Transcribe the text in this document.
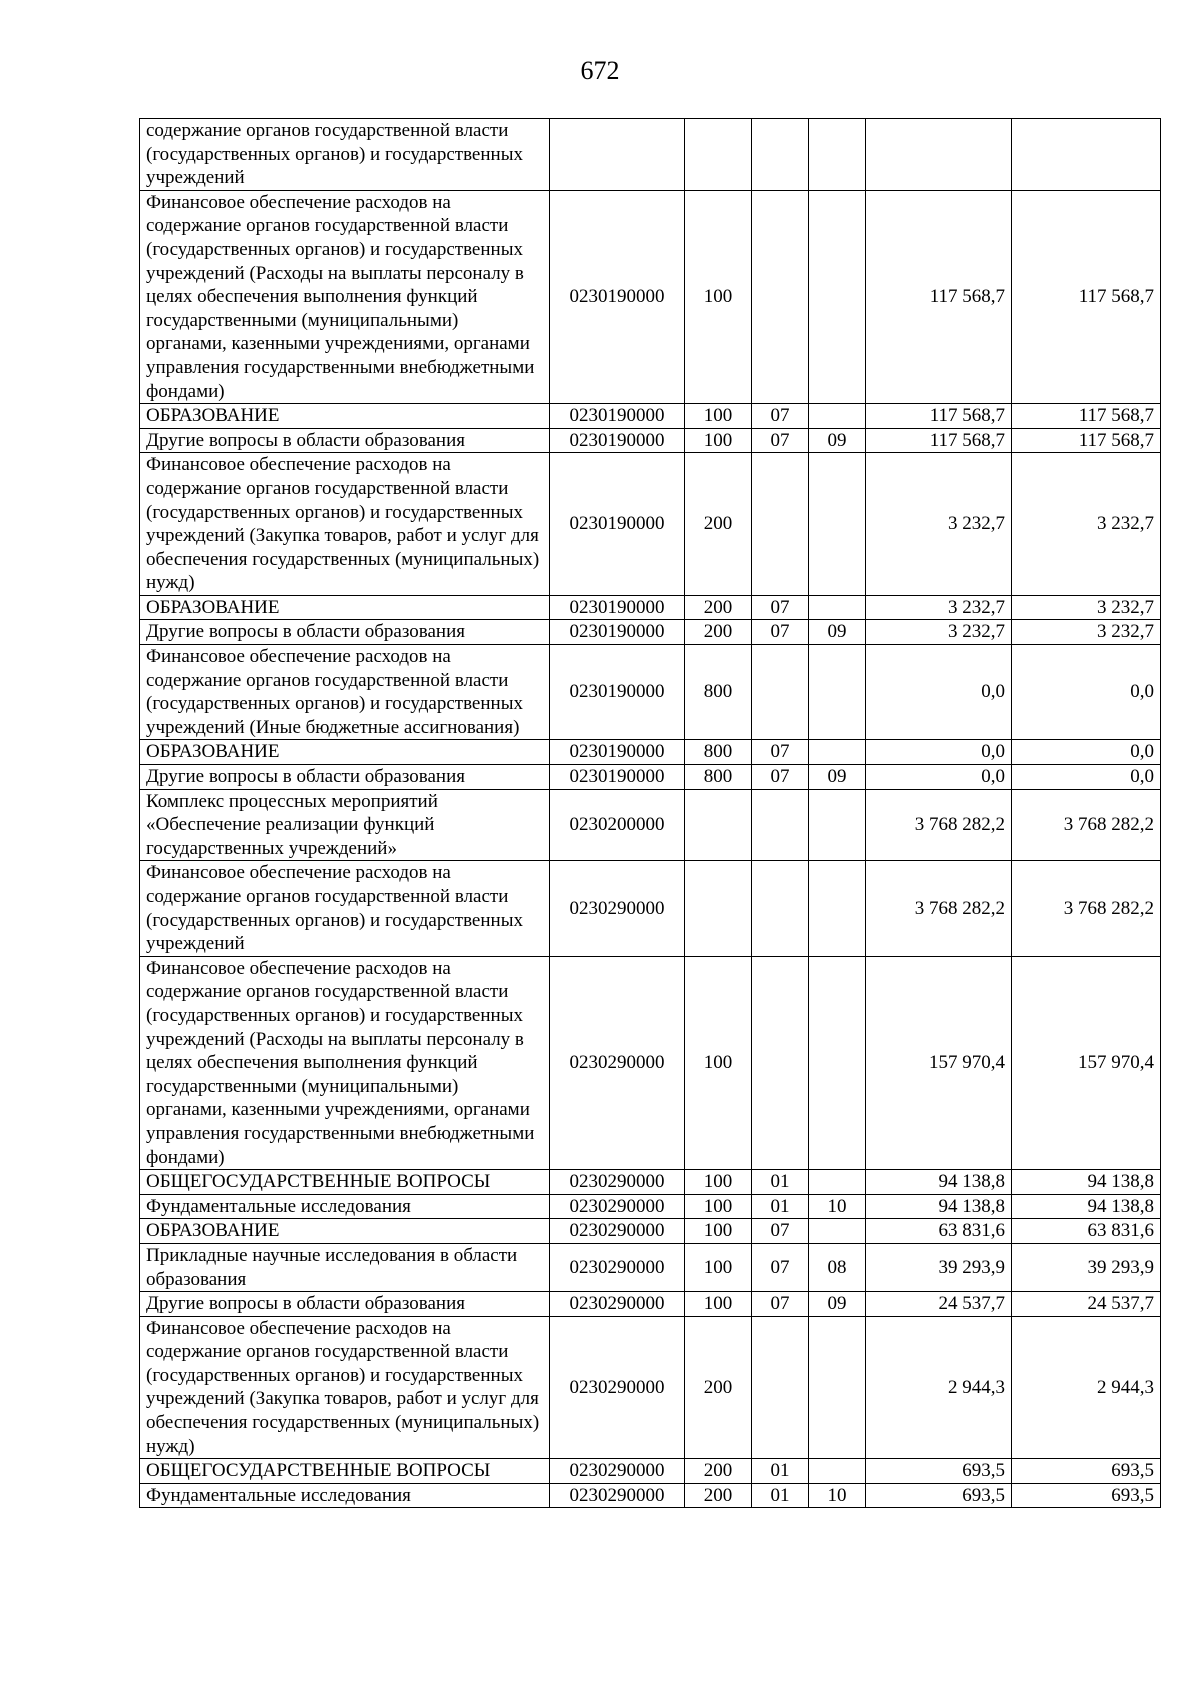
672
содержание органов государственной власти (государственных органов) и государственных учреждений						
Финансовое обеспечение расходов на содержание органов государственной власти (государственных органов) и государственных учреждений (Расходы на выплаты персоналу в целях обеспечения выполнения функций государственными (муниципальными) органами, казенными учреждениями, органами управления государственными внебюджетными фондами)	0230190000	100			117 568,7	117 568,7
ОБРАЗОВАНИЕ	0230190000	100	07		117 568,7	117 568,7
Другие вопросы в области образования	0230190000	100	07	09	117 568,7	117 568,7
Финансовое обеспечение расходов на содержание органов государственной власти (государственных органов) и государственных учреждений (Закупка товаров, работ и услуг для обеспечения государственных (муниципальных) нужд)	0230190000	200			3 232,7	3 232,7
ОБРАЗОВАНИЕ	0230190000	200	07		3 232,7	3 232,7
Другие вопросы в области образования	0230190000	200	07	09	3 232,7	3 232,7
Финансовое обеспечение расходов на содержание органов государственной власти (государственных органов) и государственных учреждений (Иные бюджетные ассигнования)	0230190000	800			0,0	0,0
ОБРАЗОВАНИЕ	0230190000	800	07		0,0	0,0
Другие вопросы в области образования	0230190000	800	07	09	0,0	0,0
Комплекс процессных мероприятий «Обеспечение реализации функций государственных учреждений»	0230200000				3 768 282,2	3 768 282,2
Финансовое обеспечение расходов на содержание органов государственной власти (государственных органов) и государственных учреждений	0230290000				3 768 282,2	3 768 282,2
Финансовое обеспечение расходов на содержание органов государственной власти (государственных органов) и государственных учреждений (Расходы на выплаты персоналу в целях обеспечения выполнения функций государственными (муниципальными) органами, казенными учреждениями, органами управления государственными внебюджетными фондами)	0230290000	100			157 970,4	157 970,4
ОБЩЕГОСУДАРСТВЕННЫЕ ВОПРОСЫ	0230290000	100	01		94 138,8	94 138,8
Фундаментальные исследования	0230290000	100	01	10	94 138,8	94 138,8
ОБРАЗОВАНИЕ	0230290000	100	07		63 831,6	63 831,6
Прикладные научные исследования в области образования	0230290000	100	07	08	39 293,9	39 293,9
Другие вопросы в области образования	0230290000	100	07	09	24 537,7	24 537,7
Финансовое обеспечение расходов на содержание органов государственной власти (государственных органов) и государственных учреждений (Закупка товаров, работ и услуг для обеспечения государственных (муниципальных) нужд)	0230290000	200			2 944,3	2 944,3
ОБЩЕГОСУДАРСТВЕННЫЕ ВОПРОСЫ	0230290000	200	01		693,5	693,5
Фундаментальные исследования	0230290000	200	01	10	693,5	693,5
